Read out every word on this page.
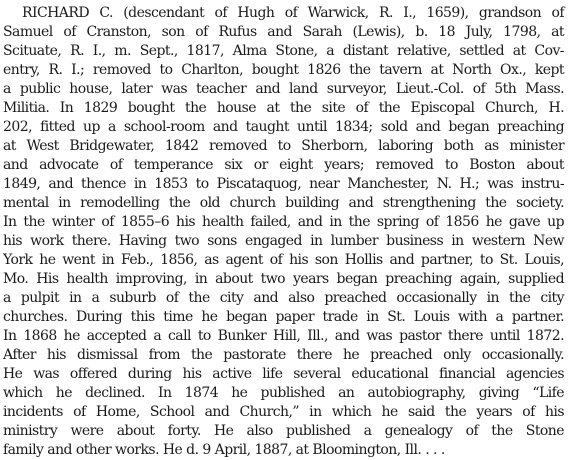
RICHARD C. (descendant of Hugh of Warwick, R. I., 1659), grandson of
Samuel of Cranston, son of Rufus and Sarah (Lewis), b. 18 July, 1798, at
Scituate, R. I., m. Sept., 1817, Alma Stone, a distant relative, settled at Cov-
entry, R. I.; removed to Charlton, bought 1826 the tavern at North Ox., kept
a public house, later was teacher and land surveyor, Lieut.-Col. of 5th Mass.
Militia. In 1829 bought the house at the site of the Episcopal Church, H.
202, fitted up a school-room and taught until 1834; sold and began preaching
at West Bridgewater, 1842 removed to Sherborn, laboring both as minister
and advocate of temperance six or eight years; removed to Boston about
1849, and thence in 1853 to Piscataquog, near Manchester, N. H.; was instru-
mental in remodelling the old church building and strengthening the society.
In the winter of 1855–6 his health failed, and in the spring of 1856 he gave up
his work there. Having two sons engaged in lumber business in western New
York he went in Feb., 1856, as agent of his son Hollis and partner, to St. Louis,
Mo. His health improving, in about two years began preaching again, supplied
a pulpit in a suburb of the city and also preached occasionally in the city
churches. During this time he began paper trade in St. Louis with a partner.
In 1868 he accepted a call to Bunker Hill, Ill., and was pastor there until 1872.
After his dismissal from the pastorate there he preached only occasionally.
He was offered during his active life several educational financial agencies
which he declined. In 1874 he published an autobiography, giving “Life
incidents of Home, School and Church,” in which he said the years of his
ministry were about forty. He also published a genealogy of the Stone
family and other works. He d. 9 April, 1887, at Bloomington, Ill. . . .
